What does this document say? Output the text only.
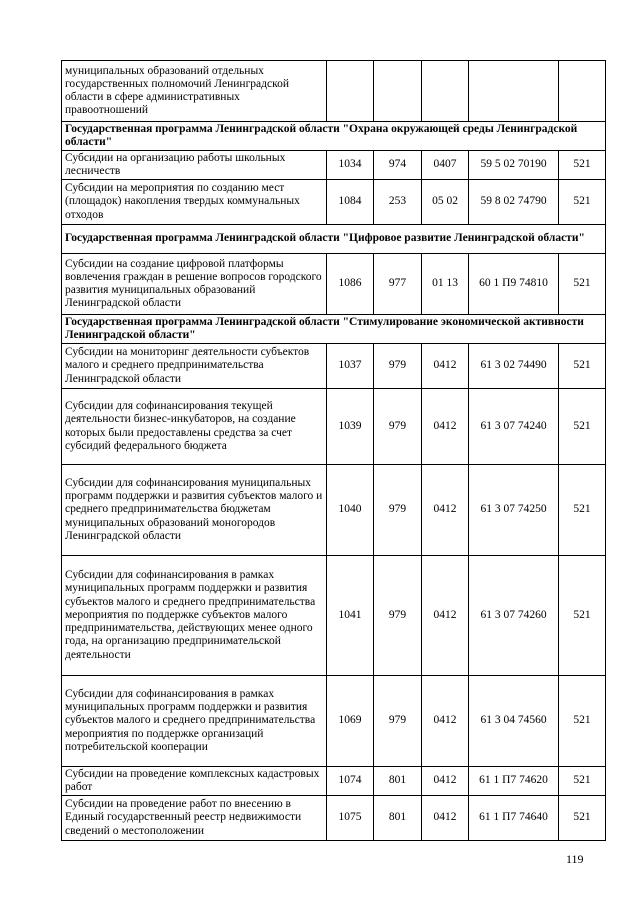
муниципальных образований отдельных государственных полномочий Ленинградской области в сфере административных правоотношений					
Государственная программа Ленинградской области "Охрана окружающей среды Ленинградской области"					
Субсидии на организацию работы школьных лесничеств	1034	974	0407	59 5 02 70190	521
Субсидии на мероприятия по созданию мест (площадок) накопления твердых коммунальных отходов	1084	253	05 02	59 8 02 74790	521
Государственная программа Ленинградской области "Цифровое развитие Ленинградской области"					
Субсидии на создание цифровой платформы вовлечения граждан в решение вопросов городского развития муниципальных образований Ленинградской области	1086	977	01 13	60 1 П9 74810	521
Государственная программа Ленинградской области "Стимулирование экономической активности Ленинградской области"					
Субсидии на мониторинг деятельности субъектов малого и среднего предпринимательства Ленинградской области	1037	979	0412	61 3 02 74490	521
Субсидии для софинансирования текущей деятельности бизнес-инкубаторов, на создание которых были предоставлены средства за счет субсидий федерального бюджета	1039	979	0412	61 3 07 74240	521
Субсидии для софинансирования муниципальных программ поддержки и развития субъектов малого и среднего предпринимательства бюджетам муниципальных образований моногородов Ленинградской области	1040	979	0412	61 3 07 74250	521
Субсидии для софинансирования в рамках муниципальных программ поддержки и развития субъектов малого и среднего предпринимательства мероприятия по поддержке субъектов малого предпринимательства, действующих менее одного года, на организацию предпринимательской деятельности	1041	979	0412	61 3 07 74260	521
Субсидии для софинансирования в рамках муниципальных программ поддержки и развития субъектов малого и среднего предпринимательства мероприятия по поддержке организаций потребительской кооперации	1069	979	0412	61 3 04 74560	521
Субсидии на проведение комплексных кадастровых работ	1074	801	0412	61 1 П7 74620	521
Субсидии на проведение работ по внесению в Единый государственный реестр недвижимости сведений о местоположении	1075	801	0412	61 1 П7 74640	521
119
